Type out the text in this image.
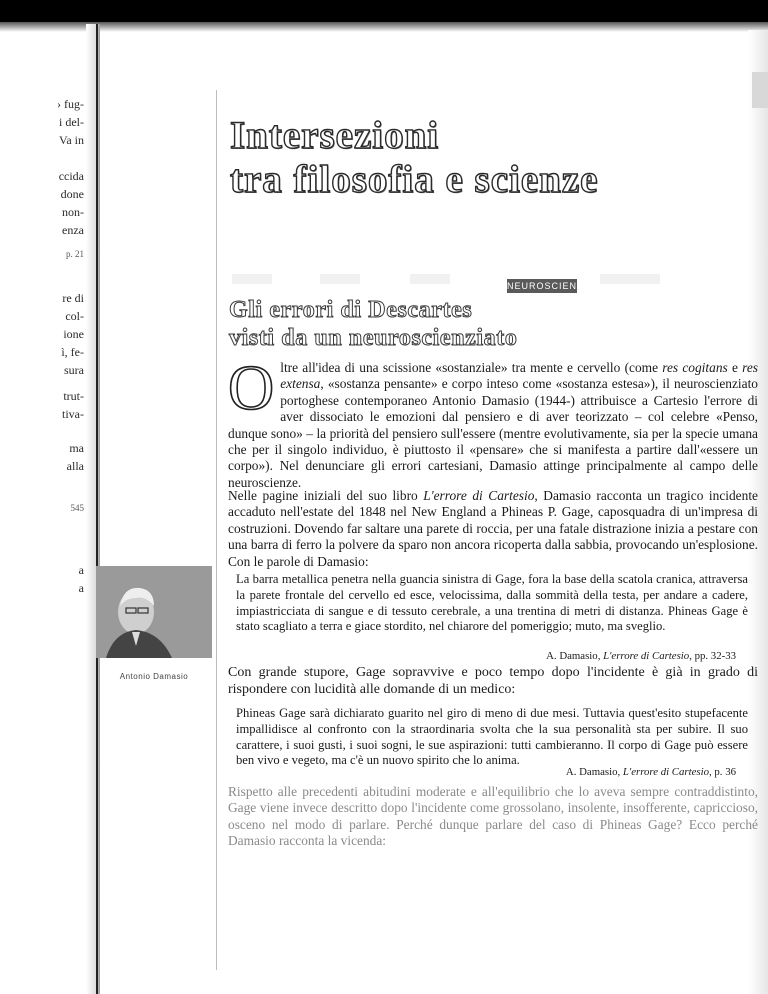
› fug-
i del-
Va in
ccida
done
non-
enza
p. 21
re di
col-
ione
ì, fe-
sura
trut-
tiva-
ma
alla
545
a
a
Intersezioni
tra filosofia e scienze
NEUROSCIENZE
Gli errori di Descartes
visti da un neuroscienziato
Oltre all'idea di una scissione «sostanziale» tra mente e cervello (come res cogitans e res extensa, «sostanza pensante» e corpo inteso come «sostanza estesa»), il neuroscienziato portoghese contemporaneo Antonio Damasio (1944-) attribuisce a Cartesio l'errore di aver dissociato le emozioni dal pensiero e di aver teorizzato – col celebre «Penso, dunque sono» – la priorità del pensiero sull'essere (mentre evolutivamente, sia per la specie umana che per il singolo individuo, è piuttosto il «pensare» che si manifesta a partire dall'«essere un corpo»). Nel denunciare gli errori cartesiani, Damasio attinge principalmente al campo delle neuroscienze.
Nelle pagine iniziali del suo libro L'errore di Cartesio, Damasio racconta un tragico incidente accaduto nell'estate del 1848 nel New England a Phineas P. Gage, caposquadra di un'impresa di costruzioni. Dovendo far saltare una parete di roccia, per una fatale distrazione inizia a pestare con una barra di ferro la polvere da sparo non ancora ricoperta dalla sabbia, provocando un'esplosione. Con le parole di Damasio:
Antonio Damasio
La barra metallica penetra nella guancia sinistra di Gage, fora la base della scatola cranica, attraversa la parete frontale del cervello ed esce, velocissima, dalla sommità della testa, per andare a cadere, impiastricciata di sangue e di tessuto cerebrale, a una trentina di metri di distanza. Phineas Gage è stato scagliato a terra e giace stordito, nel chiarore del pomeriggio; muto, ma sveglio.
A. Damasio, L'errore di Cartesio, pp. 32-33
Con grande stupore, Gage sopravvive e poco tempo dopo l'incidente è già in grado di rispondere con lucidità alle domande di un medico:
Phineas Gage sarà dichiarato guarito nel giro di meno di due mesi. Tuttavia quest'esito stupefacente impallidisce al confronto con la straordinaria svolta che la sua personalità sta per subire. Il suo carattere, i suoi gusti, i suoi sogni, le sue aspirazioni: tutti cambieranno. Il corpo di Gage può essere ben vivo e vegeto, ma c'è un nuovo spirito che lo anima.
A. Damasio, L'errore di Cartesio, p. 36
Rispetto alle precedenti abitudini moderate e all'equilibrio che lo aveva sempre contraddistinto, Gage viene invece descritto dopo l'incidente come grossolano, insolente, insofferente, capriccioso, osceno nel modo di parlare. Perché dunque parlare del caso di Phineas Gage? Ecco perché Damasio racconta la vicenda:
